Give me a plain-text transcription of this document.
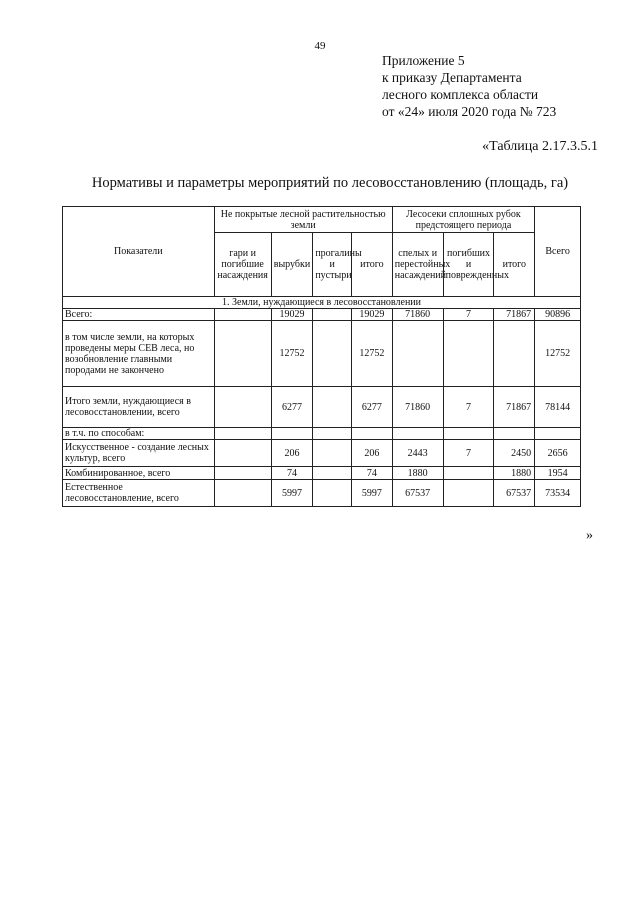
49
Приложение 5
к приказу Департамента
лесного комплекса области
от «24» июля 2020 года № 723
«Таблица 2.17.3.5.1
Нормативы и параметры мероприятий по лесовосстановлению (площадь, га)
Показатели	Не покрытые лесной растительностью земли				Лесосеки сплошных рубок предстоящего периода			Всего
	гари и погибшие насаждения	вырубки	прогалины и пустыри	итого	спелых и перестойных насаждений	погибших и поврежденных	итого	
1. Земли, нуждающиеся в лесовосстановлении								
Всего:		19029		19029	71860	7	71867	90896
в том числе земли, на которых проведены меры СЕВ леса, но возобновление главными породами не закончено		12752		12752				12752
Итого земли, нуждающиеся в лесовосстановлении, всего		6277		6277	71860	7	71867	78144
в т.ч. по способам:								
Искусственное - создание лесных культур, всего		206		206	2443	7	2450	2656
Комбинированное, всего		74		74	1880		1880	1954
Естественное лесовосстановление, всего		5997		5997	67537		67537	73534
»
